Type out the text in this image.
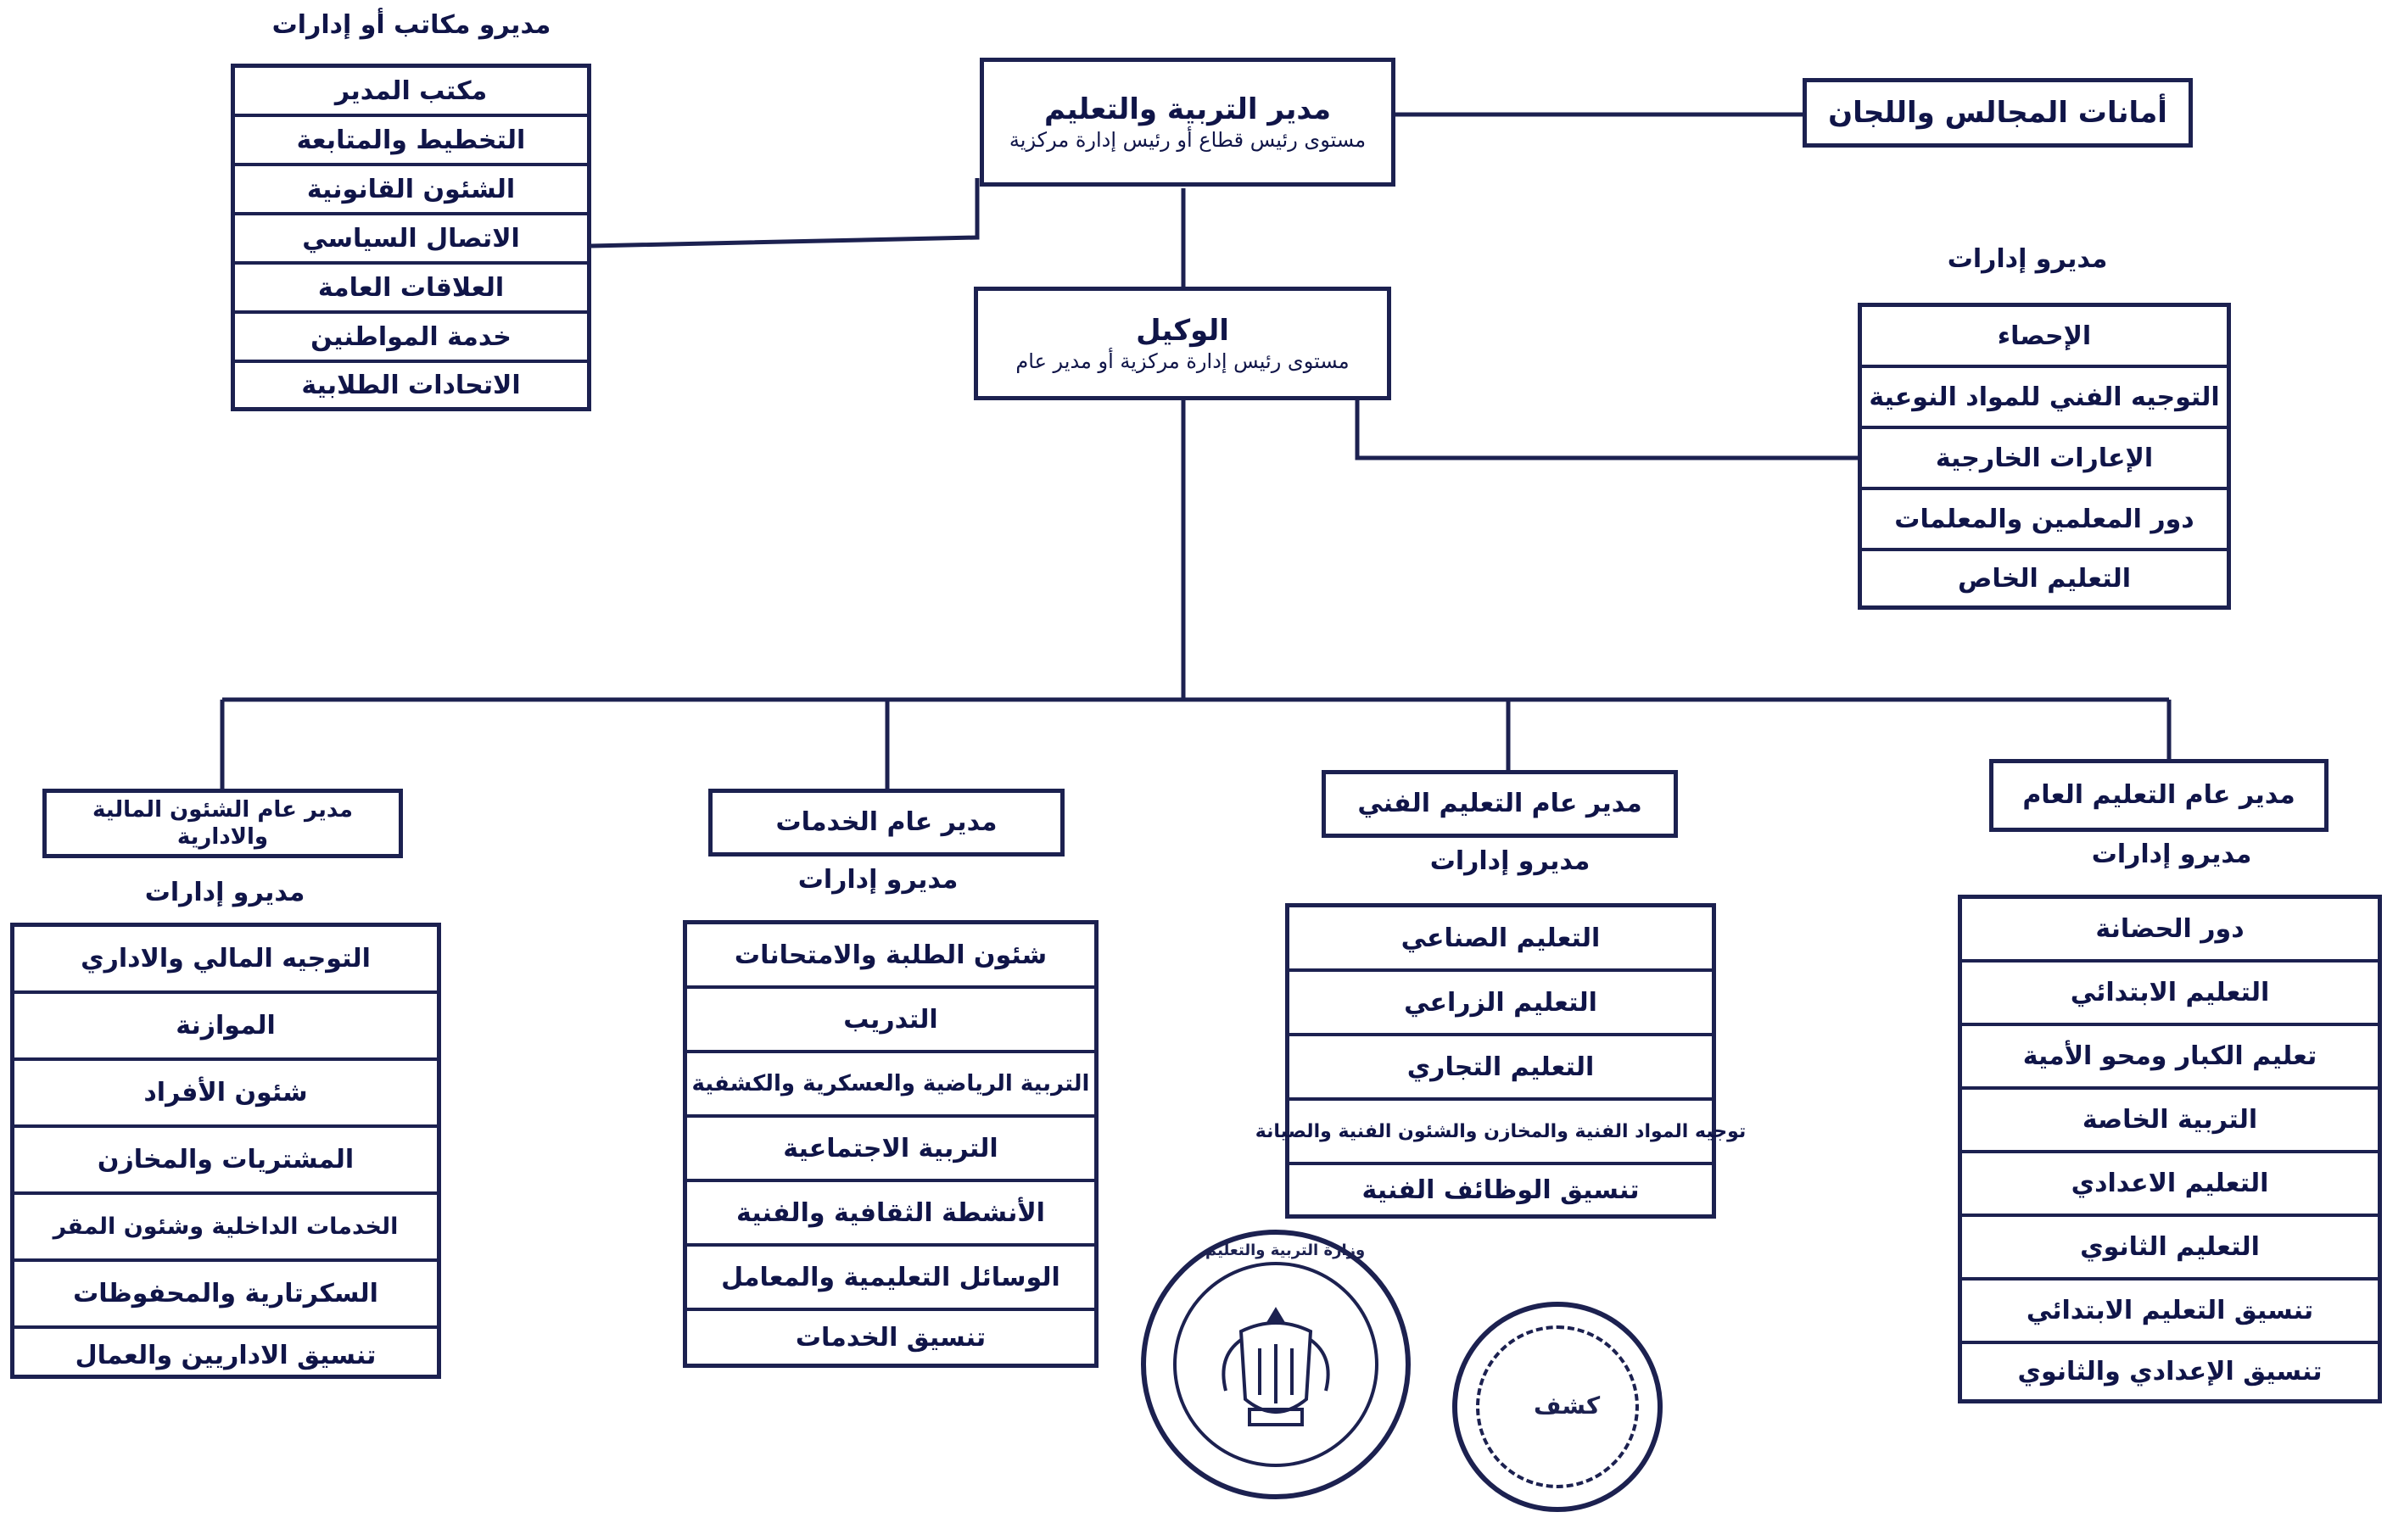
مدير التربية والتعليم
مستوى رئيس قطاع أو رئيس إدارة مركزية
أمانات المجالس واللجان
الوكيل
مستوى رئيس إدارة مركزية أو مدير عام
مديرو مكاتب أو إدارات
مكتب المدير
التخطيط والمتابعة
الشئون القانونية
الاتصال السياسي
العلاقات العامة
خدمة المواطنين
الاتحادات الطلابية
مديرو إدارات
الإحصاء
التوجيه الفني للمواد النوعية
الإعارات الخارجية
دور المعلمين والمعلمات
التعليم الخاص
مدير عام التعليم العام
مديرو إدارات
دور الحضانة
التعليم الابتدائي
تعليم الكبار ومحو الأمية
التربية الخاصة
التعليم الاعدادي
التعليم الثانوي
تنسيق التعليم الابتدائي
تنسيق الإعدادي والثانوي
مدير عام التعليم الفني
مديرو إدارات
التعليم الصناعي
التعليم الزراعي
التعليم التجاري
توجيه المواد الفنية والمخازن والشئون الفنية والصيانة
تنسيق الوظائف الفنية
مدير عام الخدمات
مديرو إدارات
شئون الطلبة والامتحانات
التدريب
التربية الرياضية والعسكرية والكشفية
التربية الاجتماعية
الأنشطة الثقافية والفنية
الوسائل التعليمية والمعامل
تنسيق الخدمات
مدير عام الشئون المالية والادارية
مديرو إدارات
التوجيه المالي والاداري
الموازنة
شئون الأفراد
المشتريات والمخازن
الخدمات الداخلية وشئون المقر
السكرتارية والمحفوظات
تنسيق الاداريين والعمال
وزارة التربية والتعليم
كشف
